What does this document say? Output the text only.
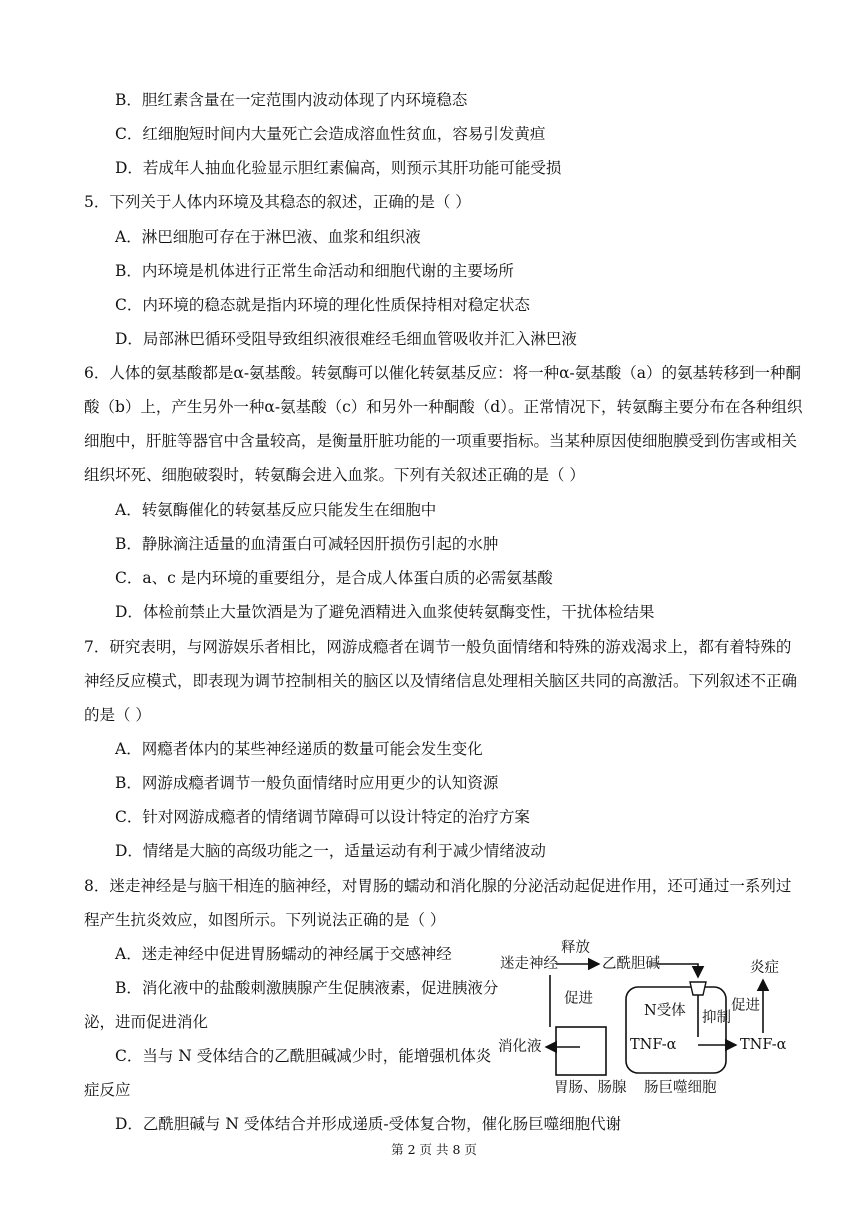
B．胆红素含量在一定范围内波动体现了内环境稳态
C．红细胞短时间内大量死亡会造成溶血性贫血，容易引发黄疸
D．若成年人抽血化验显示胆红素偏高，则预示其肝功能可能受损
5．下列关于人体内环境及其稳态的叙述，正确的是（ ）
A．淋巴细胞可存在于淋巴液、血浆和组织液
B．内环境是机体进行正常生命活动和细胞代谢的主要场所
C．内环境的稳态就是指内环境的理化性质保持相对稳定状态
D．局部淋巴循环受阻导致组织液很难经毛细血管吸收并汇入淋巴液
6．人体的氨基酸都是α-氨基酸。转氨酶可以催化转氨基反应：将一种α-氨基酸（a）的氨基转移到一种酮
酸（b）上，产生另外一种α-氨基酸（c）和另外一种酮酸（d）。正常情况下，转氨酶主要分布在各种组织
细胞中，肝脏等器官中含量较高，是衡量肝脏功能的一项重要指标。当某种原因使细胞膜受到伤害或相关
组织坏死、细胞破裂时，转氨酶会进入血浆。下列有关叙述正确的是（ ）
A．转氨酶催化的转氨基反应只能发生在细胞中
B．静脉滴注适量的血清蛋白可减轻因肝损伤引起的水肿
C．a、c 是内环境的重要组分，是合成人体蛋白质的必需氨基酸
D．体检前禁止大量饮酒是为了避免酒精进入血浆使转氨酶变性，干扰体检结果
7．研究表明，与网游娱乐者相比，网游成瘾者在调节一般负面情绪和特殊的游戏渴求上，都有着特殊的
神经反应模式，即表现为调节控制相关的脑区以及情绪信息处理相关脑区共同的高激活。下列叙述不正确
的是（ ）
A．网瘾者体内的某些神经递质的数量可能会发生变化
B．网游成瘾者调节一般负面情绪时应用更少的认知资源
C．针对网游成瘾者的情绪调节障碍可以设计特定的治疗方案
D．情绪是大脑的高级功能之一，适量运动有利于减少情绪波动
8．迷走神经是与脑干相连的脑神经，对胃肠的蠕动和消化腺的分泌活动起促进作用，还可通过一系列过
程产生抗炎效应，如图所示。下列说法正确的是（ ）
A．迷走神经中促进胃肠蠕动的神经属于交感神经
B．消化液中的盐酸刺激胰腺产生促胰液素，促进胰液分
泌，进而促进消化
C．当与 N 受体结合的乙酰胆碱减少时，能增强机体炎
症反应
D．乙酰胆碱与 N 受体结合并形成递质-受体复合物，催化肠巨噬细胞代谢
迷走神经
释放
乙酰胆碱
促进
消化液
胃肠、肠腺
N受体 抑制
TNF-α	TNF-α
促进
炎症
肠巨噬细胞
第 2 页 共 8 页
